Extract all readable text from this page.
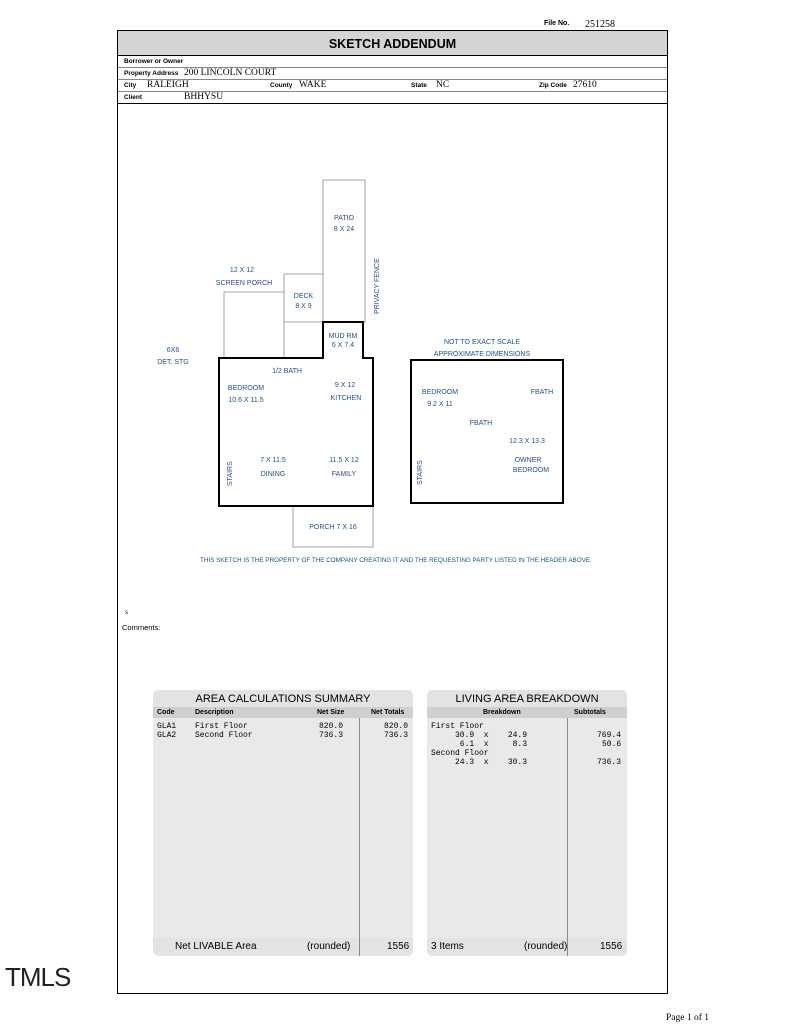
File No. 251258
SKETCH ADDENDUM
Borrower or Owner
Property Address 200 LINCOLN COURT
City RALEIGH	County WAKE	State NC	Zip Code 27610
Client	BHHYSU
PATIO
8 X 24
12 X 12
SCREEN PORCH
DECK
8 X 9	PRIVACY FENCE
MUD RM
6 X 7.4
6X6
DET. STG
1/2 BATH
BEDROOM
10.6 X 11.5
9 X 12
KITCHEN
STAIRS
7 X 11.5
DINING
11.5 X 12
FAMILY
PORCH 7 X 16
NOT TO EXACT SCALE
APPROXIMATE DIMENSIONS
BEDROOM
9.2 X 11
FBATH
FBATH
12.3 X 13.3
OWNER
BEDROOM
STAIRS
THIS SKETCH IS THE PROPERTY OF THE COMPANY CREATING IT AND THE REQUESTING PARTY LISTED IN THE HEADER ABOVE.
s
Comments:
AREA CALCULATIONS SUMMARY
Code	Description	Net Size	Net Totals
GLA1 First Floor	820.0	820.0
GLA2 Second Floor	736.3	736.3
Net LIVABLE Area	(rounded)	1556
LIVING AREA BREAKDOWN
Breakdown	Subtotals
First Floor
30.9  x    24.9	769.4
6.1  x     8.3	50.6
Second Floor
24.3  x    30.3	736.3
3 Items	(rounded)	1556
TMLS
Page 1 of 1
